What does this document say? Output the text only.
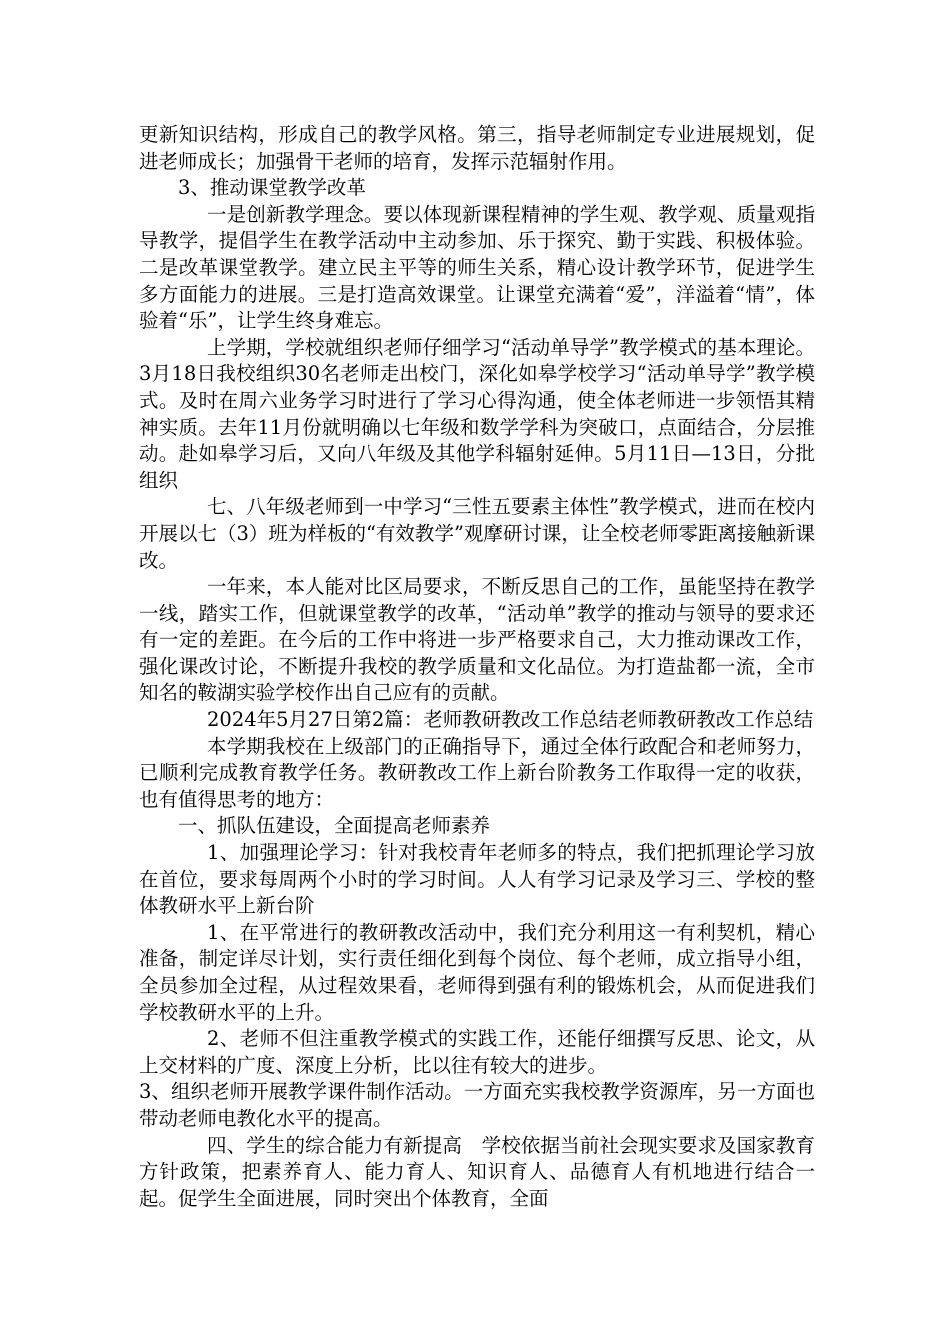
更新知识结构，形成自己的教学风格。第三，指导老师制定专业进展规划，促进老师成长；加强骨干老师的培育，发挥示范辐射作用。

3、推动课堂教学改革

一是创新教学理念。要以体现新课程精神的学生观、教学观、质量观指导教学，提倡学生在教学活动中主动参加、乐于探究、勤于实践、积极体验。二是改革课堂教学。建立民主平等的师生关系，精心设计教学环节，促进学生多方面能力的进展。三是打造高效课堂。让课堂充满着“爱”，洋溢着“情”，体验着“乐”，让学生终身难忘。

上学期，学校就组织老师仔细学习“活动单导学”教学模式的基本理论。3月18日我校组织30名老师走出校门，深化如皋学校学习“活动单导学”教学模式。及时在周六业务学习时进行了学习心得沟通，使全体老师进一步领悟其精神实质。去年11月份就明确以七年级和数学学科为突破口，点面结合，分层推动。赴如皋学习后，又向八年级及其他学科辐射延伸。5月11日—13日，分批组织

七、八年级老师到一中学习“三性五要素主体性”教学模式，进而在校内开展以七（3）班为样板的“有效教学”观摩研讨课，让全校老师零距离接触新课改。

一年来，本人能对比区局要求，不断反思自己的工作，虽能坚持在教学一线，踏实工作，但就课堂教学的改革，“活动单”教学的推动与领导的要求还有一定的差距。在今后的工作中将进一步严格要求自己，大力推动课改工作，强化课改讨论，不断提升我校的教学质量和文化品位。为打造盐都一流，全市知名的鞍湖实验学校作出自己应有的贡献。

2024年5月27日第2篇：老师教研教改工作总结老师教研教改工作总结

本学期我校在上级部门的正确指导下，通过全体行政配合和老师努力，已顺利完成教育教学任务。教研教改工作上新台阶教务工作取得一定的收获，也有值得思考的地方：

一、抓队伍建设，全面提高老师素养

1、加强理论学习：针对我校青年老师多的特点，我们把抓理论学习放在首位，要求每周两个小时的学习时间。人人有学习记录及学习三、学校的整体教研水平上新台阶

1、在平常进行的教研教改活动中，我们充分利用这一有利契机，精心准备，制定详尽计划，实行责任细化到每个岗位、每个老师，成立指导小组，全员参加全过程，从过程效果看，老师得到强有利的锻炼机会，从而促进我们学校教研水平的上升。

2、老师不但注重教学模式的实践工作，还能仔细撰写反思、论文，从上交材料的广度、深度上分析，比以往有较大的进步。

3、组织老师开展教学课件制作活动。一方面充实我校教学资源库，另一方面也带动老师电教化水平的提高。

四、学生的综合能力有新提高　学校依据当前社会现实要求及国家教育方针政策，把素养育人、能力育人、知识育人、品德育人有机地进行结合一起。促学生全面进展，同时突出个体教育，全面
